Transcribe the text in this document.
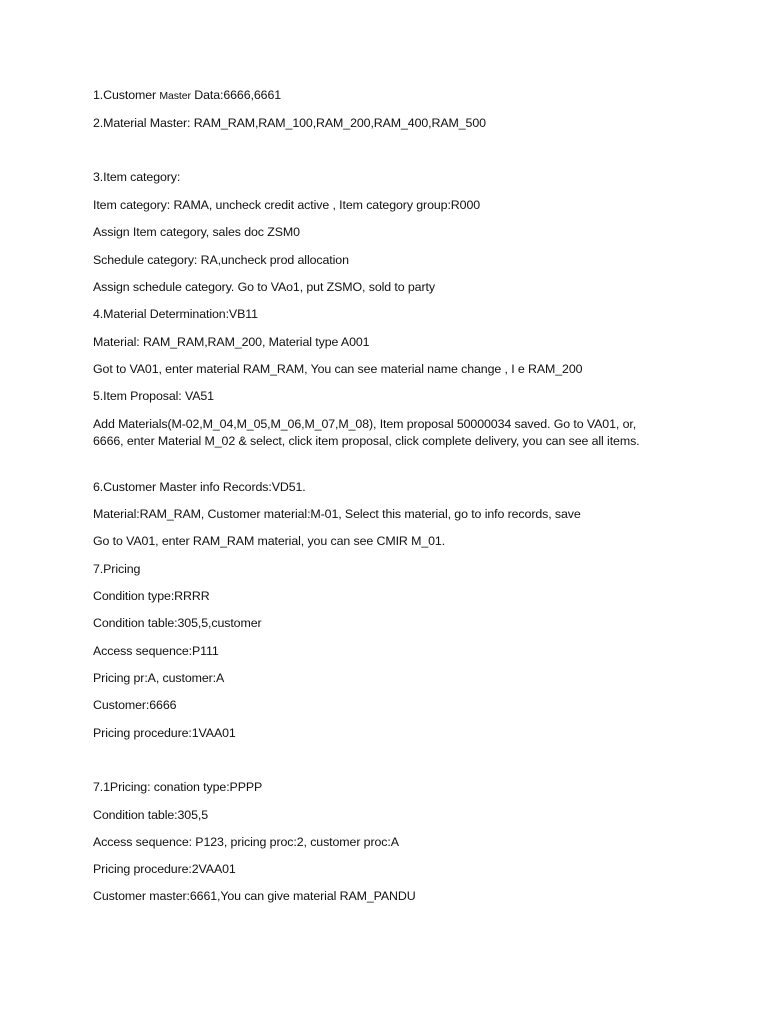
1.Customer Master Data:6666,6661

2.Material Master: RAM_RAM,RAM_100,RAM_200,RAM_400,RAM_500

3.Item category:

Item category: RAMA, uncheck credit active , Item category group:R000

Assign Item category, sales doc ZSM0

Schedule category: RA,uncheck prod allocation

Assign schedule category. Go to VAo1, put ZSMO, sold to party

4.Material Determination:VB11

Material: RAM_RAM,RAM_200, Material type A001

Got to VA01, enter material RAM_RAM, You can see material name change , I e RAM_200

5.Item Proposal: VA51

Add Materials(M-02,M_04,M_05,M_06,M_07,M_08), Item proposal 50000034 saved. Go to VA01, or, 6666, enter Material M_02 & select, click item proposal, click complete delivery, you can see all items.

6.Customer Master info Records:VD51.

Material:RAM_RAM, Customer material:M-01, Select this material, go to info records, save

Go to VA01, enter RAM_RAM material, you can see CMIR M_01.

7.Pricing

Condition type:RRRR

Condition table:305,5,customer

Access sequence:P111

Pricing pr:A, customer:A

Customer:6666

Pricing procedure:1VAA01

7.1Pricing: conation type:PPPP

Condition table:305,5

Access sequence: P123, pricing proc:2, customer proc:A

Pricing procedure:2VAA01

Customer master:6661,You can give material RAM_PANDU
